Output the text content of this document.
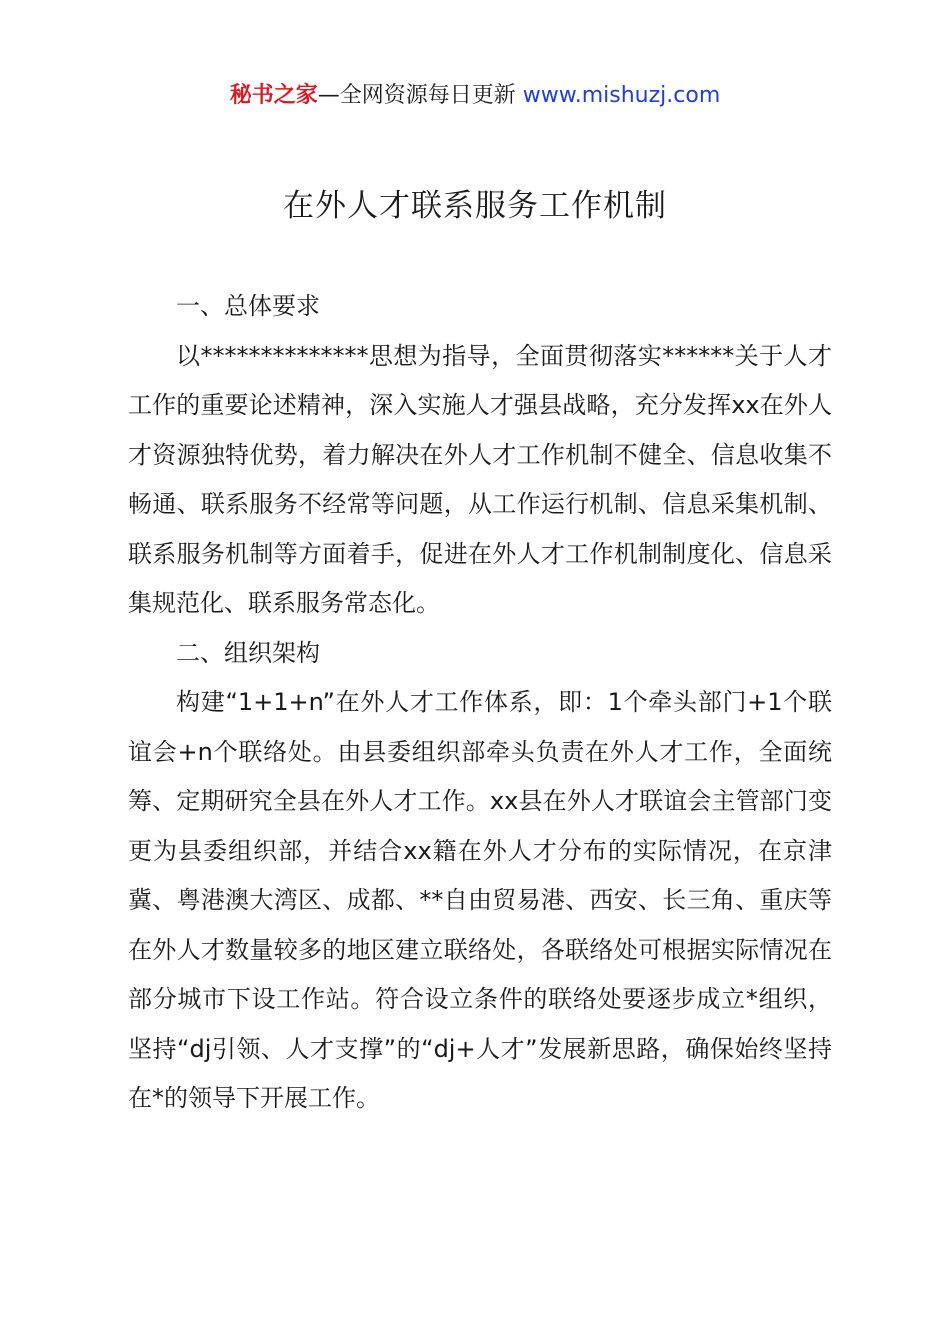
秘书之家—全网资源每日更新 www.mishuzj.com
在外人才联系服务工作机制

一、总体要求

以**************思想为指导，全面贯彻落实******关于人才工作的重要论述精神，深入实施人才强县战略，充分发挥xx在外人才资源独特优势，着力解决在外人才工作机制不健全、信息收集不畅通、联系服务不经常等问题，从工作运行机制、信息采集机制、联系服务机制等方面着手，促进在外人才工作机制制度化、信息采集规范化、联系服务常态化。

二、组织架构

构建“1+1+n”在外人才工作体系，即：1个牵头部门+1个联谊会+n个联络处。由县委组织部牵头负责在外人才工作，全面统筹、定期研究全县在外人才工作。xx县在外人才联谊会主管部门变更为县委组织部，并结合xx籍在外人才分布的实际情况，在京津冀、粤港澳大湾区、成都、**自由贸易港、西安、长三角、重庆等在外人才数量较多的地区建立联络处，各联络处可根据实际情况在部分城市下设工作站。符合设立条件的联络处要逐步成立*组织，坚持“dj引领、人才支撑”的“dj+人才”发展新思路，确保始终坚持在*的领导下开展工作。
